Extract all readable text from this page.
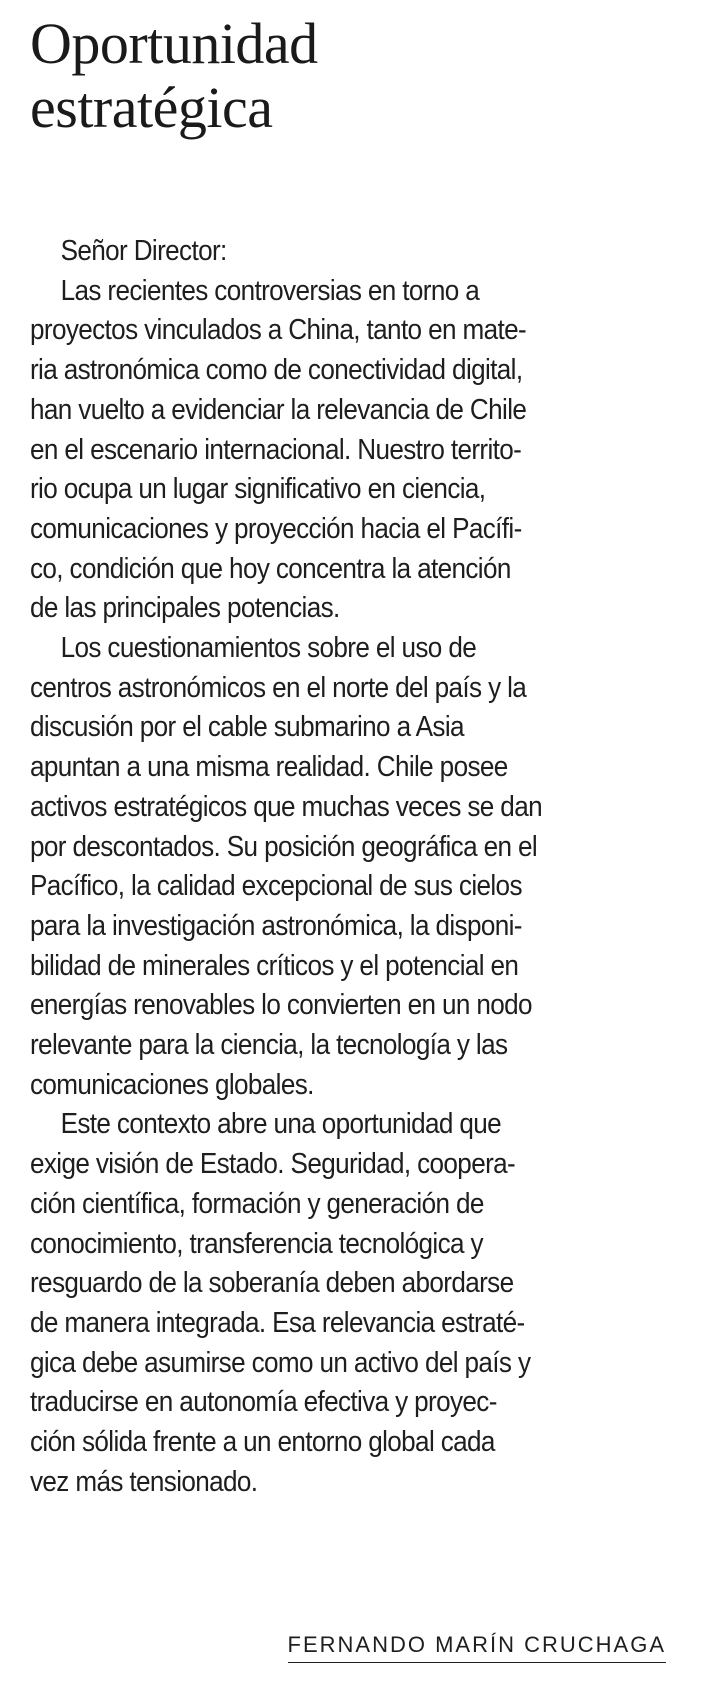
Oportunidad
estratégica
Señor Director:
Las recientes controversias en torno a
proyectos vinculados a China, tanto en mate-
ria astronómica como de conectividad digital,
han vuelto a evidenciar la relevancia de Chile
en el escenario internacional. Nuestro territo-
rio ocupa un lugar significativo en ciencia,
comunicaciones y proyección hacia el Pacífi-
co, condición que hoy concentra la atención
de las principales potencias.
Los cuestionamientos sobre el uso de
centros astronómicos en el norte del país y la
discusión por el cable submarino a Asia
apuntan a una misma realidad. Chile posee
activos estratégicos que muchas veces se dan
por descontados. Su posición geográfica en el
Pacífico, la calidad excepcional de sus cielos
para la investigación astronómica, la disponi-
bilidad de minerales críticos y el potencial en
energías renovables lo convierten en un nodo
relevante para la ciencia, la tecnología y las
comunicaciones globales.
Este contexto abre una oportunidad que
exige visión de Estado. Seguridad, coopera-
ción científica, formación y generación de
conocimiento, transferencia tecnológica y
resguardo de la soberanía deben abordarse
de manera integrada. Esa relevancia estraté-
gica debe asumirse como un activo del país y
traducirse en autonomía efectiva y proyec-
ción sólida frente a un entorno global cada
vez más tensionado.
FERNANDO MARÍN CRUCHAGA
